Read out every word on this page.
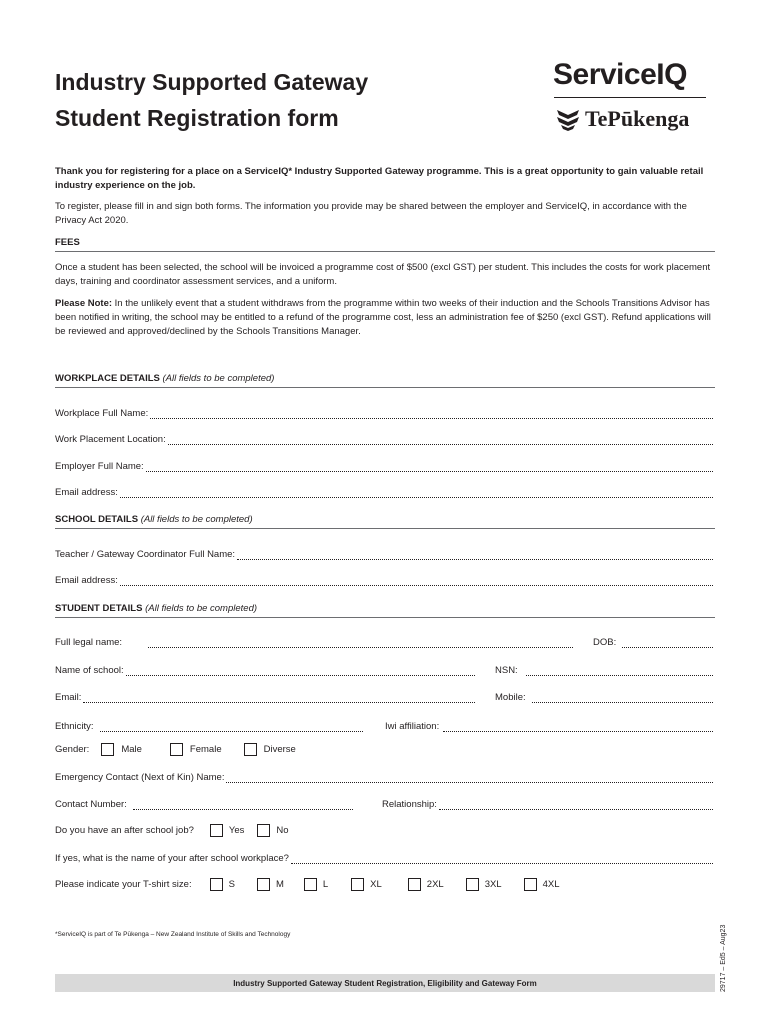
Industry Supported Gateway
Student Registration form
ServiceIQ
TePūkenga
Thank you for registering for a place on a ServiceIQ* Industry Supported Gateway programme. This is a great opportunity to gain valuable retail industry experience on the job.
To register, please fill in and sign both forms. The information you provide may be shared between the employer and ServiceIQ, in accordance with the Privacy Act 2020.
FEES
Once a student has been selected, the school will be invoiced a programme cost of $500 (excl GST) per student. This includes the costs for work placement days, training and coordinator assessment services, and a uniform.
Please Note: In the unlikely event that a student withdraws from the programme within two weeks of their induction and the Schools Transitions Advisor has been notified in writing, the school may be entitled to a refund of the programme cost, less an administration fee of $250 (excl GST). Refund applications will be reviewed and approved/declined by the Schools Transitions Manager.
WORKPLACE DETAILS (All fields to be completed)
Workplace Full Name:
Work Placement Location:
Employer Full Name:
Email address:
SCHOOL DETAILS (All fields to be completed)
Teacher / Gateway Coordinator Full Name:
Email address:
STUDENT DETAILS (All fields to be completed)
Full legal name:	DOB:
Name of school:	NSN:
Email:	Mobile:
Ethnicity:	Iwi affiliation:
Gender:	Male	Female	Diverse
Emergency Contact (Next of Kin) Name:
Contact Number:	Relationship:
Do you have an after school job?	Yes	No
If yes, what is the name of your after school workplace?
Please indicate your T-shirt size:	S	M	L	XL	2XL	3XL	4XL
*ServiceIQ is part of Te Pūkenga – New Zealand Institute of Skills and Technology
Industry Supported Gateway Student Registration, Eligibility and Gateway Form	29717 – Ed5 – Aug23
